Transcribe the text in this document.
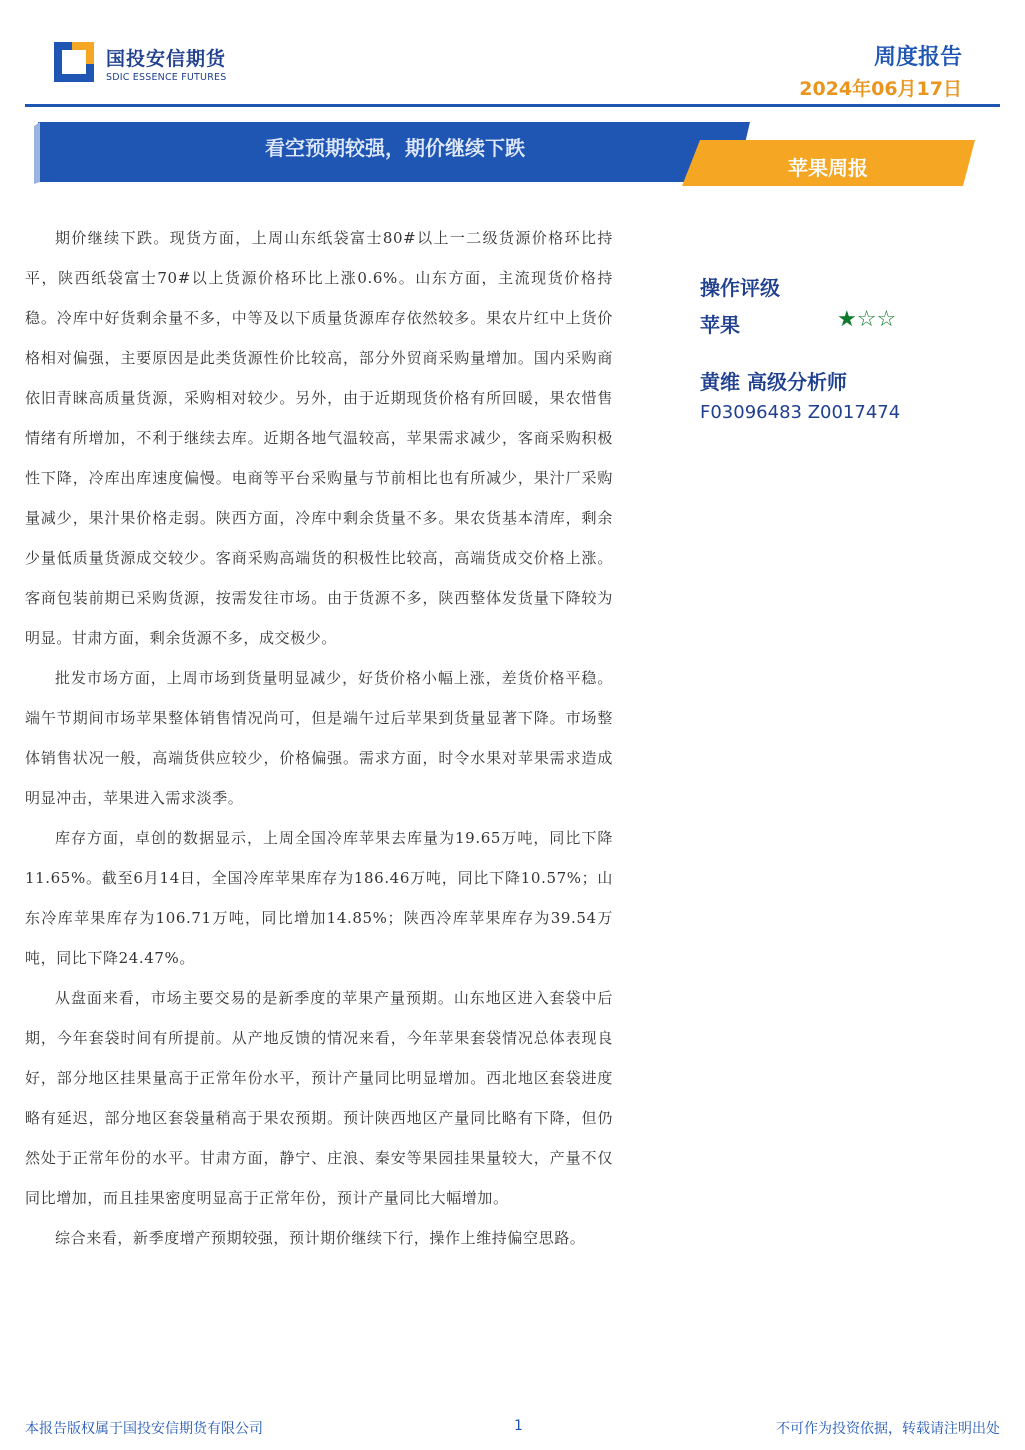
国投安信期货
SDIC ESSENCE FUTURES
周度报告
2024年06月17日
看空预期较强，期价继续下跌
苹果周报

期价继续下跌。现货方面，上周山东纸袋富士80#以上一二级货源价格环比持平，陕西纸袋富士70#以上货源价格环比上涨0.6%。山东方面，主流现货价格持稳。冷库中好货剩余量不多，中等及以下质量货源库存依然较多。果农片红中上货价格相对偏强，主要原因是此类货源性价比较高，部分外贸商采购量增加。国内采购商依旧青睐高质量货源，采购相对较少。另外，由于近期现货价格有所回暖，果农惜售情绪有所增加，不利于继续去库。近期各地气温较高，苹果需求减少，客商采购积极性下降，冷库出库速度偏慢。电商等平台采购量与节前相比也有所减少，果汁厂采购量减少，果汁果价格走弱。陕西方面，冷库中剩余货量不多。果农货基本清库，剩余少量低质量货源成交较少。客商采购高端货的积极性比较高，高端货成交价格上涨。客商包装前期已采购货源，按需发往市场。由于货源不多，陕西整体发货量下降较为明显。甘肃方面，剩余货源不多，成交极少。

批发市场方面，上周市场到货量明显减少，好货价格小幅上涨，差货价格平稳。端午节期间市场苹果整体销售情况尚可，但是端午过后苹果到货量显著下降。市场整体销售状况一般，高端货供应较少，价格偏强。需求方面，时令水果对苹果需求造成明显冲击，苹果进入需求淡季。

库存方面，卓创的数据显示，上周全国冷库苹果去库量为19.65万吨，同比下降11.65%。截至6月14日，全国冷库苹果库存为186.46万吨，同比下降10.57%；山东冷库苹果库存为106.71万吨，同比增加14.85%；陕西冷库苹果库存为39.54万吨，同比下降24.47%。

从盘面来看，市场主要交易的是新季度的苹果产量预期。山东地区进入套袋中后期，今年套袋时间有所提前。从产地反馈的情况来看，今年苹果套袋情况总体表现良好，部分地区挂果量高于正常年份水平，预计产量同比明显增加。西北地区套袋进度略有延迟，部分地区套袋量稍高于果农预期。预计陕西地区产量同比略有下降，但仍然处于正常年份的水平。甘肃方面，静宁、庄浪、秦安等果园挂果量较大，产量不仅同比增加，而且挂果密度明显高于正常年份，预计产量同比大幅增加。

综合来看，新季度增产预期较强，预计期价继续下行，操作上维持偏空思路。

操作评级
苹果	★☆☆
黄维 高级分析师
F03096483 Z0017474
本报告版权属于国投安信期货有限公司	1	不可作为投资依据，转载请注明出处
